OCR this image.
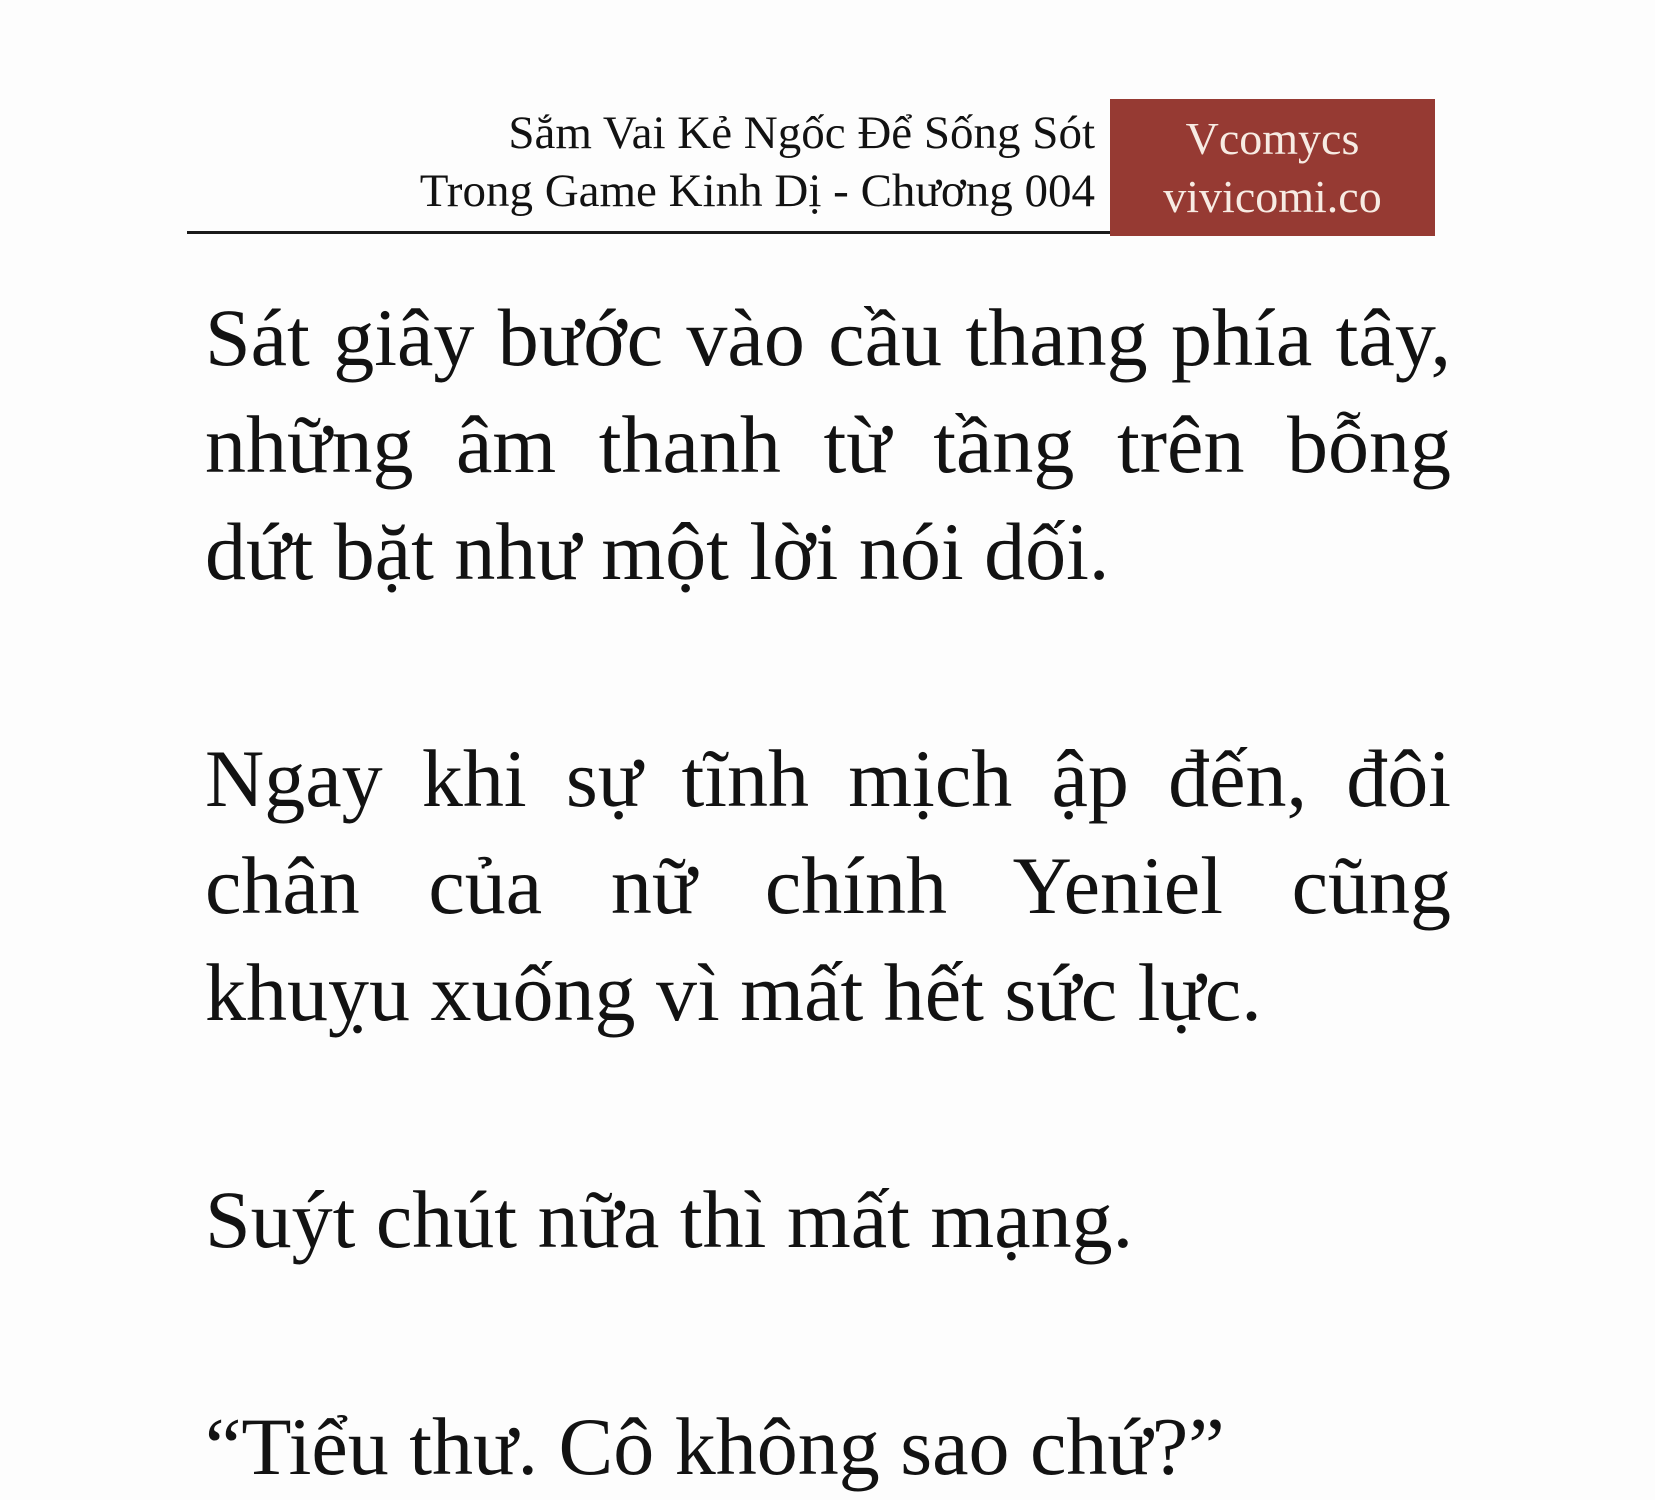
Sắm Vai Kẻ Ngốc Để Sống Sót
Trong Game Kinh Dị - Chương 004
Vcomycs
vivicomi.co
Sát giây bước vào cầu thang phía tây,
những âm thanh từ tầng trên bỗng
dứt bặt như một lời nói dối.
Ngay khi sự tĩnh mịch ập đến, đôi
chân của nữ chính Yeniel cũng
khuỵu xuống vì mất hết sức lực.
Suýt chút nữa thì mất mạng.
“Tiểu thư. Cô không sao chứ?”
